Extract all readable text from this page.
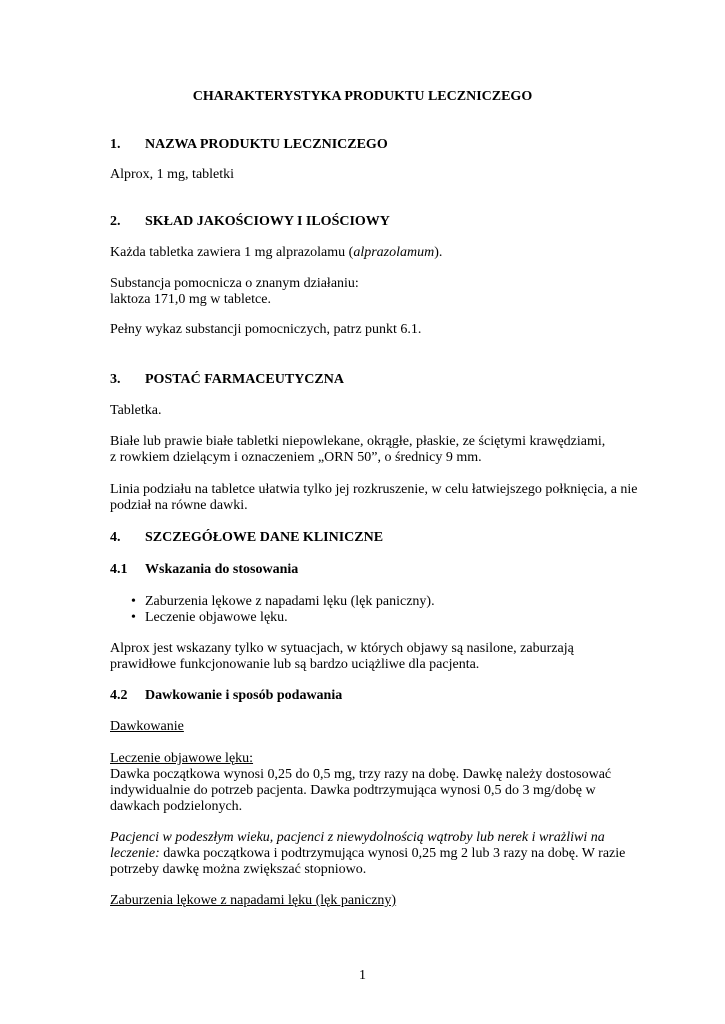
CHARAKTERYSTYKA PRODUKTU LECZNICZEGO
1. NAZWA PRODUKTU LECZNICZEGO
Alprox, 1 mg, tabletki
2. SKŁAD JAKOŚCIOWY I ILOŚCIOWY
Każda tabletka zawiera 1 mg alprazolamu (alprazolamum).
Substancja pomocnicza o znanym działaniu:
laktoza 171,0 mg w tabletce.
Pełny wykaz substancji pomocniczych, patrz punkt 6.1.
3. POSTAĆ FARMACEUTYCZNA
Tabletka.
Białe lub prawie białe tabletki niepowlekane, okrągłe, płaskie, ze ściętymi krawędziami,
z rowkiem dzielącym i oznaczeniem „ORN 50”, o średnicy 9 mm.
Linia podziału na tabletce ułatwia tylko jej rozkruszenie, w celu łatwiejszego połknięcia, a nie
podział na równe dawki.
4. SZCZEGÓŁOWE DANE KLINICZNE
4.1 Wskazania do stosowania
• Zaburzenia lękowe z napadami lęku (lęk paniczny).
• Leczenie objawowe lęku.
Alprox jest wskazany tylko w sytuacjach, w których objawy są nasilone, zaburzają
prawidłowe funkcjonowanie lub są bardzo uciążliwe dla pacjenta.
4.2 Dawkowanie i sposób podawania
Dawkowanie
Leczenie objawowe lęku:
Dawka początkowa wynosi 0,25 do 0,5 mg, trzy razy na dobę. Dawkę należy dostosować
indywidualnie do potrzeb pacjenta. Dawka podtrzymująca wynosi 0,5 do 3 mg/dobę w
dawkach podzielonych.
Pacjenci w podeszłym wieku, pacjenci z niewydolnością wątroby lub nerek i wrażliwi na
leczenie: dawka początkowa i podtrzymująca wynosi 0,25 mg 2 lub 3 razy na dobę. W razie
potrzeby dawkę można zwiększać stopniowo.
Zaburzenia lękowe z napadami lęku (lęk paniczny)
1
